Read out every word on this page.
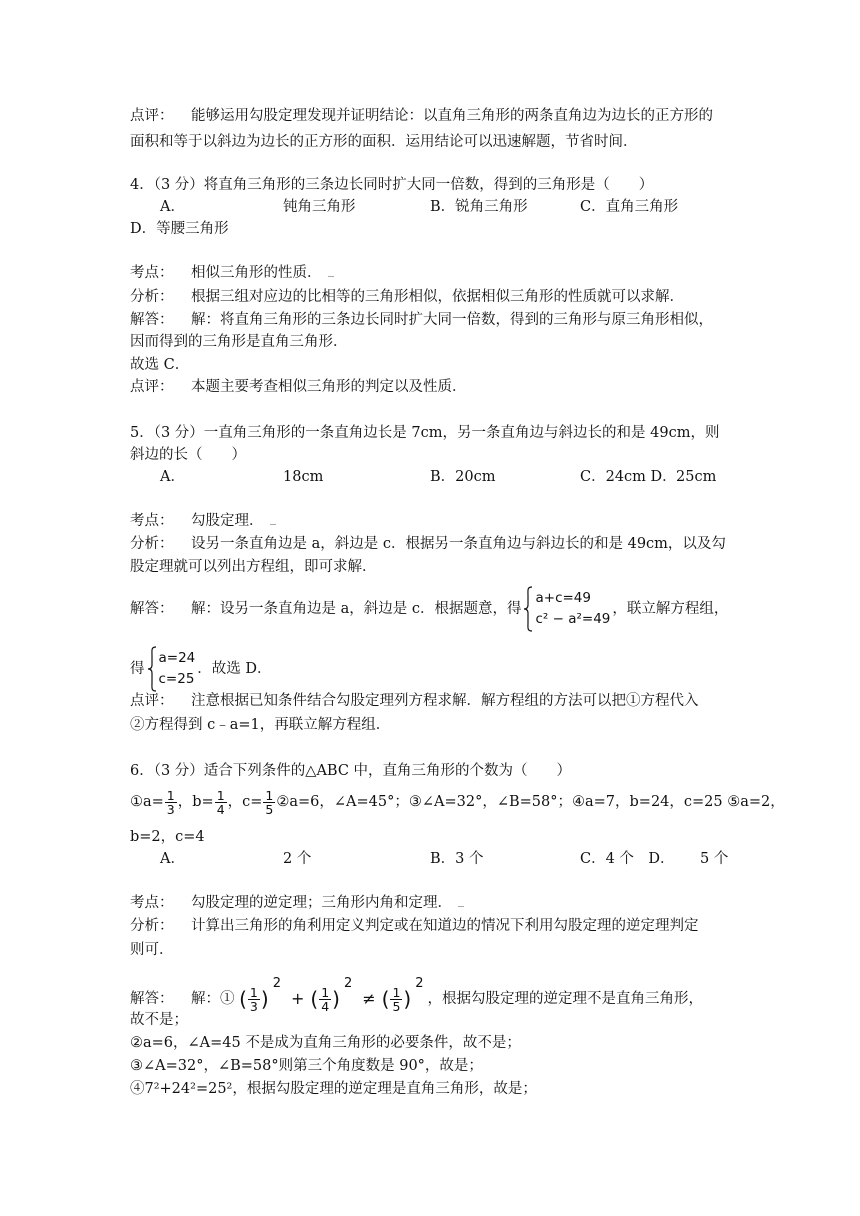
点评： 能够运用勾股定理发现并证明结论：以直角三角形的两条直角边为边长的正方形的
面积和等于以斜边为边长的正方形的面积．运用结论可以迅速解题，节省时间．
4．（3 分）将直角三角形的三条边长同时扩大同一倍数，得到的三角形是（　　）
A．	钝角三角形	B．锐角三角形	C．直角三角形
D．等腰三角形
考点： 相似三角形的性质．
分析： 根据三组对应边的比相等的三角形相似，依据相似三角形的性质就可以求解．
解答： 解：将直角三角形的三条边长同时扩大同一倍数，得到的三角形与原三角形相似，
因而得到的三角形是直角三角形．
故选 C．
点评： 本题主要考查相似三角形的判定以及性质．
5．（3 分）一直角三角形的一条直角边长是 7cm，另一条直角边与斜边长的和是 49cm，则
斜边的长（　　）
A．	18cm	B．20cm	C．24cm D． 25cm
考点： 勾股定理．
分析： 设另一条直角边是 a，斜边是 c．根据另一条直角边与斜边长的和是 49cm，以及勾
股定理就可以列出方程组，即可求解．
解答： 解：设另一条直角边是 a，斜边是 c．根据题意，得
a+c=49
c² − a²=49
，联立解方程组，
得
a=24
c=25
．故选 D．
点评： 注意根据已知条件结合勾股定理列方程求解．解方程组的方法可以把①方程代入
②方程得到 c﹣a=1，再联立解方程组．
6．（3 分）适合下列条件的△ABC 中，直角三角形的个数为（　　）
①a= $\frac{1}{3}$ ，$b= \frac{1}{4}$ ，$c= \frac{1}{5}$ ②a=6，∠A=45°；③∠A=32°，∠B=58°；④a=7，b=24，c=25 ⑤a=2，
b=2，c=4
A．	2 个	B．3 个	C．4 个　D． 5 个
考点： 勾股定理的逆定理；三角形内角和定理．
分析： 计算出三角形的角利用定义判定或在知道边的情况下利用勾股定理的逆定理判定
则可．
解答： 解：① ( $\frac{1}{3} )2+$ ( $\frac{1}{4} )2\ne$ ( $\frac{1}{5} )2$，根据勾股定理的逆定理不是直角三角形，
故不是；
②a=6，∠A=45 不是成为直角三角形的必要条件，故不是；
③∠A=32°，∠B=58°则第三个角度数是 90°，故是；
④7²+24²=25²，根据勾股定理的逆定理是直角三角形，故是；
